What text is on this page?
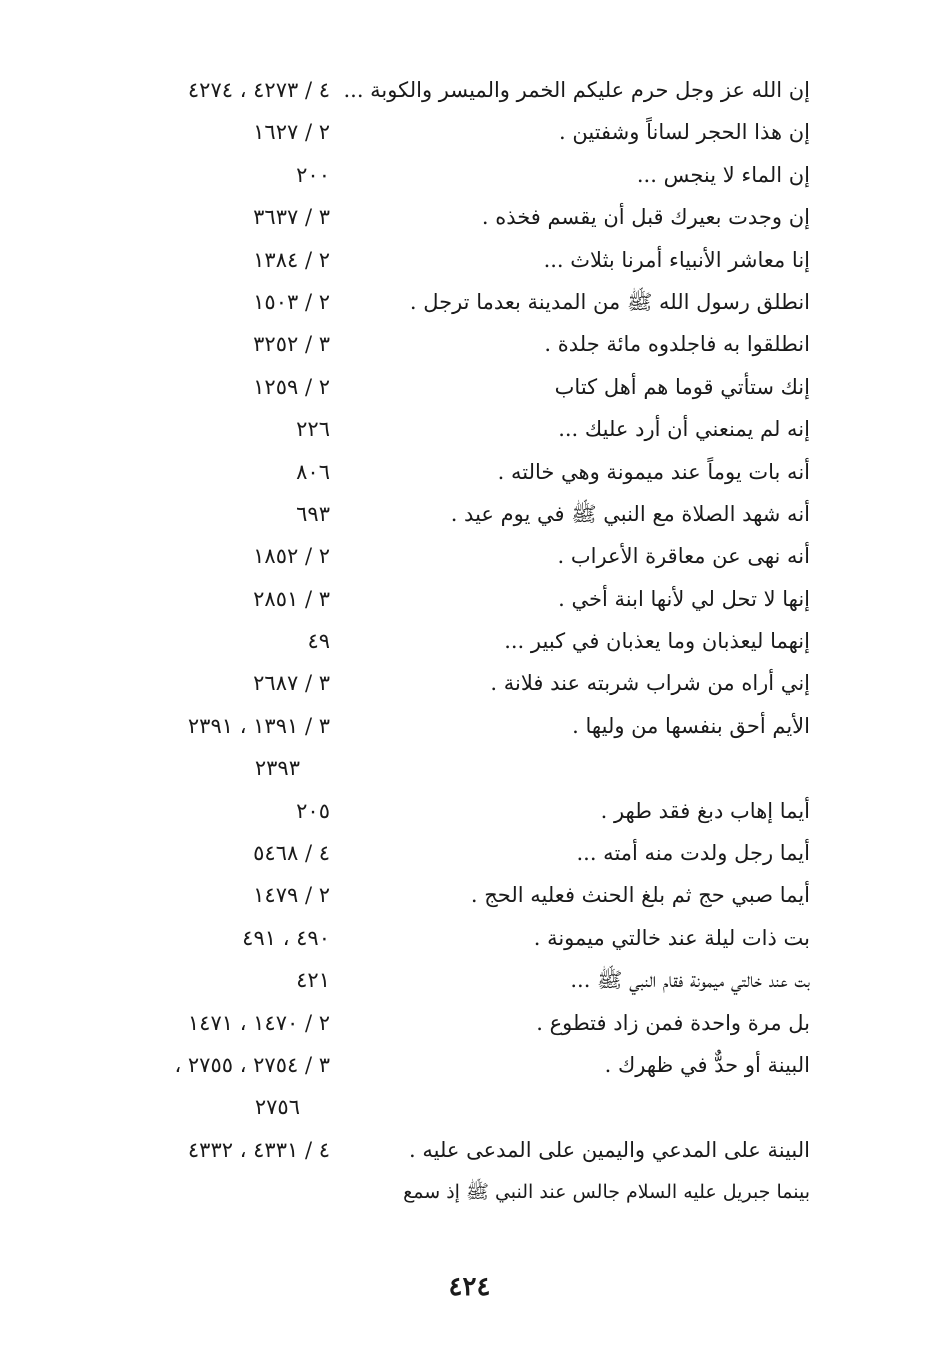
إن الله عز وجل حرم عليكم الخمر والميسر والكوبة ...
٤ / ٤٢٧٣ ، ٤٢٧٤
إن هذا الحجر لساناً وشفتين .
٢ / ١٦٢٧
إن الماء لا ينجس ...
٢٠٠
إن وجدت بعيرك قبل أن يقسم فخذه .
٣ / ٣٦٣٧
إنا معاشر الأنبياء أمرنا بثلاث ...
٢ / ١٣٨٤
انطلق رسول الله ﷺ من المدينة بعدما ترجل .
٢ / ١٥٠٣
انطلقوا به فاجلدوه مائة جلدة .
٣ / ٣٢٥٢
إنك ستأتي قوما هم أهل كتاب
٢ / ١٢٥٩
إنه لم يمنعني أن أرد عليك ...
٢٢٦
أنه بات يوماً عند ميمونة وهي خالته .
٨٠٦
أنه شهد الصلاة مع النبي ﷺ في يوم عيد .
٦٩٣
أنه نهى عن معاقرة الأعراب .
٢ / ١٨٥٢
إنها لا تحل لي لأنها ابنة أخي .
٣ / ٢٨٥١
إنهما ليعذبان وما يعذبان في كبير ...
٤٩
إني أراه من شراب شربته عند فلانة .
٣ / ٢٦٨٧
الأيم أحق بنفسها من وليها .
٣ / ١٣٩١ ، ٢٣٩١
٢٣٩٣
أيما إهاب دبغ فقد طهر .
٢٠٥
أيما رجل ولدت منه أمته ...
٤ / ٥٤٦٨
أيما صبي حج ثم بلغ الحنث فعليه الحج .
٢ / ١٤٧٩
بت ذات ليلة عند خالتي ميمونة .
٤٩٠ ، ٤٩١
بت عند خالتي ميمونة فقام النبي ﷺ ...
٤٢١
بل مرة واحدة فمن زاد فتطوع .
٢ / ١٤٧٠ ، ١٤٧١
البينة أو حدٌّ في ظهرك .
٣ / ٢٧٥٤ ، ٢٧٥٥ ،
٢٧٥٦
البينة على المدعي واليمين على المدعى عليه .
٤ / ٤٣٣١ ، ٤٣٣٢
بينما جبريل عليه السلام جالس عند النبي ﷺ إذ سمع
٤٢٤
